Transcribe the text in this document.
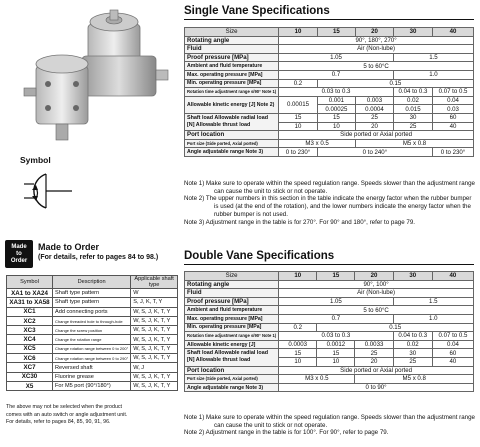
Symbol
Made
to
Order
Made to Order
(For details, refer to pages 84 to 98.)
Symbol	Description	Applicable shaft type
XA1 to XA24	Shaft type pattern	W
XA31 to XA58	Shaft type pattern	S, J, K, T, Y
XC1	Add connecting ports	W, S, J, K, T, Y
XC2	Change threaded hole to through-hole	W, S, J, K, T, Y
XC3	Change the screw position	W, S, J, K, T, Y
XC4	Change the rotation range	W, S, J, K, T, Y
XC5	Change rotation range between 0 to 200°	W, S, J, K, T, Y
XC6	Change rotation range between 0 to 290°	W, S, J, K, T, Y
XC7	Reversed shaft	W, J
XC30	Fluorine grease	W, S, J, K, T, Y
X5	For M5 port (90°/180°)	W, S, J, K, T, Y
The above may not be selected when the product
comes with an auto switch or angle adjustment unit.
For details, refer to pages 84, 85, 90, 91, 96.
Single Vane Specifications
Size	10	15	20	30	40
Rotating angle	90°, 180°, 270°				
Fluid	Air (Non-lube)				
Proof pressure [MPa]	1.05			1.5	
Ambient and fluid temperature	5 to 60°C				
Max. operating pressure [MPa]	0.7			1.0	
Min. operating pressure [MPa]	0.2	0.15			
Rotation time adjustment range s/90° Note 1)	0.03 to 0.3			0.04 to 0.3	0.07 to 0.5
Allowable kinetic energy [J] Note 2)	0.00015	0.001	0.003	0.02	0.04
		0.00025	0.0004	0.015	0.03
Shaft load Allowable radial load
[N] Allowable thrust load	15	15	25	30	60
	10	10	20	25	40
Port location	Side ported or Axial ported				
Port size (Side ported, Axial ported)	M3 x 0.5		M5 x 0.8		
Angle adjustable range Note 3)	0 to 230°	0 to 240°			0 to 230°

Note 1) Make sure to operate within the speed regulation range. Speeds slower than the adjustment range can cause the unit to stick or not operate.

Note 2) The upper numbers in this section in the table indicate the energy factor when the rubber bumper is used (at the end of the rotation), and the lower numbers indicate the energy factor when the rubber bumper is not used.

Note 3) Adjustment range in the table is for 270°. For 90° and 180°, refer to page 79.

Double Vane Specifications
Size	10	15	20	30	40
Rotating angle	90°, 100°				
Fluid	Air (Non-lube)				
Proof pressure [MPa]	1.05			1.5	
Ambient and fluid temperature	5 to 60°C				
Max. operating pressure [MPa]	0.7			1.0	
Min. operating pressure [MPa]	0.2	0.15			
Rotation time adjustment range s/90° Note 1)	0.03 to 0.3			0.04 to 0.3	0.07 to 0.5
Allowable kinetic energy [J]	0.0003	0.0012	0.0033	0.02	0.04
Shaft load Allowable radial load
[N] Allowable thrust load	15	15	25	30	60
	10	10	20	25	40
Port location	Side ported or Axial ported				
Port size (Side ported, Axial ported)	M3 x 0.5		M5 x 0.8		
Angle adjustable range Note 3)	0 to 90°				

Note 1) Make sure to operate within the speed regulation range. Speeds slower than the adjustment range can cause the unit to stick or not operate.

Note 2) Adjustment range in the table is for 100°. For 90°, refer to page 79.
